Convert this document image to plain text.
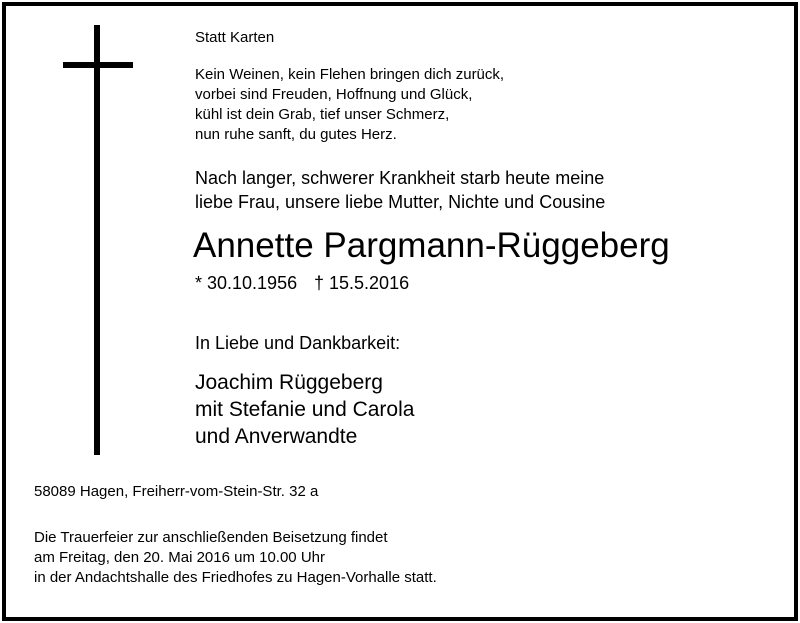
Statt Karten
Kein Weinen, kein Flehen bringen dich zurück,
vorbei sind Freuden, Hoffnung und Glück,
kühl ist dein Grab, tief unser Schmerz,
nun ruhe sanft, du gutes Herz.
Nach langer, schwerer Krankheit starb heute meine
liebe Frau, unsere liebe Mutter, Nichte und Cousine
Annette Pargmann-Rüggeberg
* 30.10.1956 † 15.5.2016
In Liebe und Dankbarkeit:
Joachim Rüggeberg
mit Stefanie und Carola
und Anverwandte
58089 Hagen, Freiherr-vom-Stein-Str. 32 a
Die Trauerfeier zur anschließenden Beisetzung findet
am Freitag, den 20. Mai 2016 um 10.00 Uhr
in der Andachtshalle des Friedhofes zu Hagen-Vorhalle statt.
